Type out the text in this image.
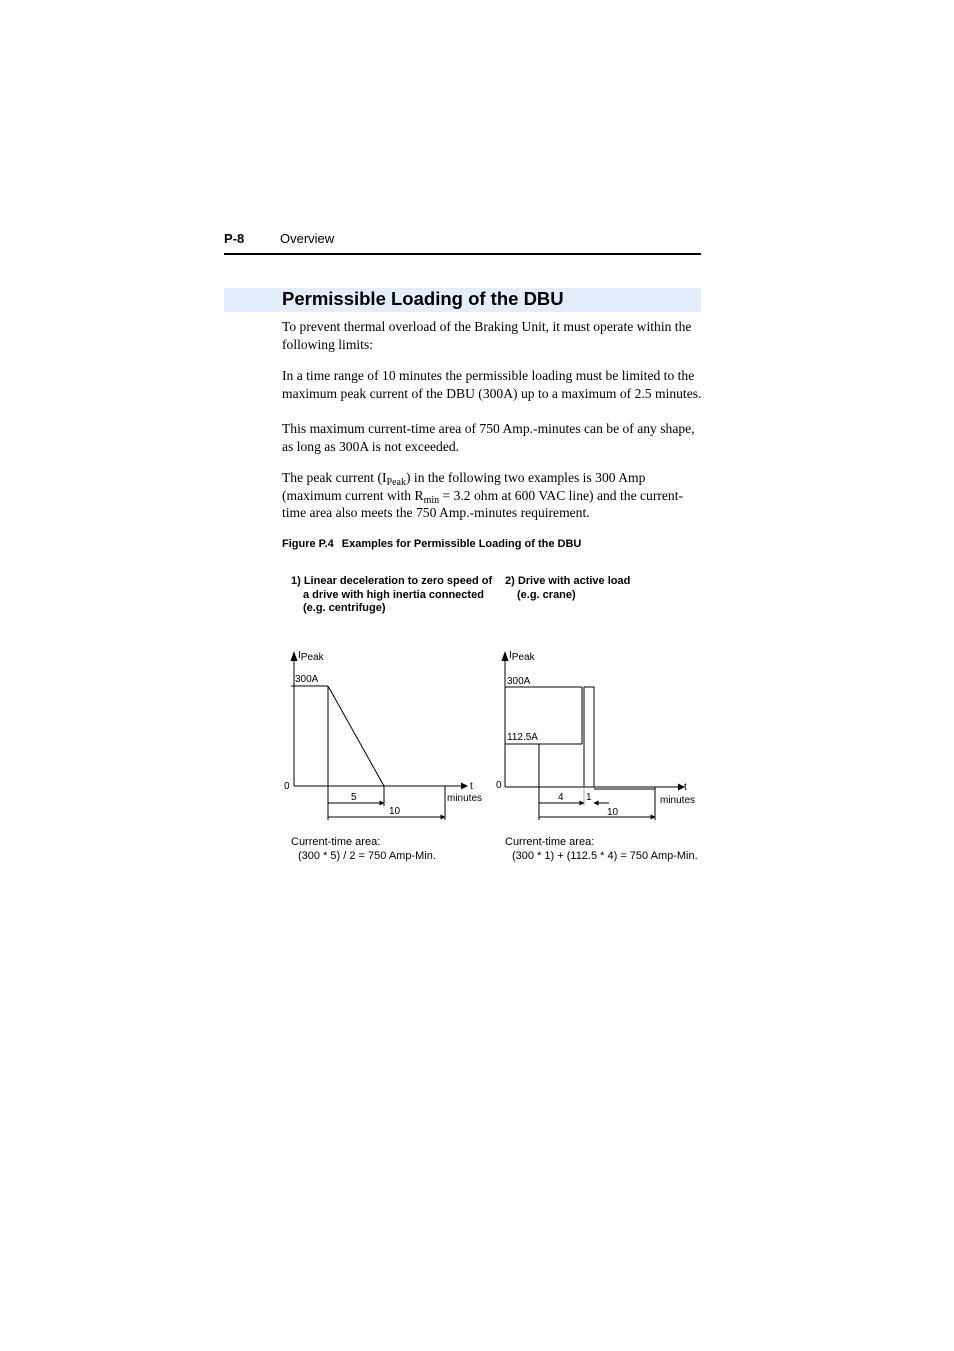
P-8	Overview
Permissible Loading of the DBU
To prevent thermal overload of the Braking Unit, it must operate within the following limits:
In a time range of 10 minutes the permissible loading must be limited to the maximum peak current of the DBU (300A) up to a maximum of 2.5 minutes.
This maximum current-time area of 750 Amp.-minutes can be of any shape, as long as 300A is not exceeded.
The peak current $(I_{Peak})$ in the following two examples is 300 Amp (maximum current with $R_{min} = 3.2$ ohm at 600 VAC line) and the current-time area also meets the 750 Amp.-minutes requirement.
Figure P.4 Examples for Permissible Loading of the DBU
1) Linear deceleration to zero speed of
a drive with high inertia connected
(e.g. centrifuge)
2) Drive with active load
(e.g. crane)
IPeak
300A
0	t
minutes
5
10
IPeak
300A
112.5A
0	t
minutes
4 1
10
Current-time area:
(300 * 5) / 2 = 750 Amp-Min.
Current-time area:
(300 * 1) + (112.5 * 4) = 750 Amp-Min.
